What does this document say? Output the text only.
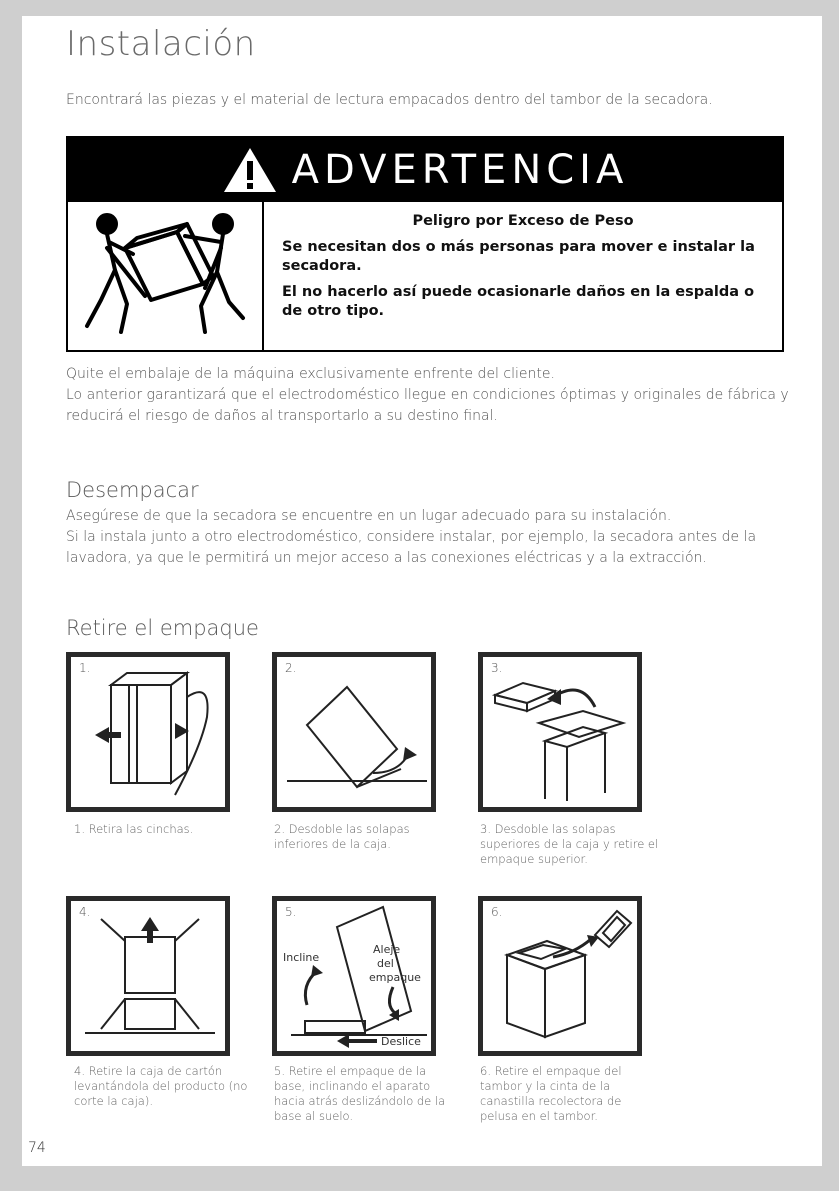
Instalación

Encontrará las piezas y el material de lectura empacados dentro del tambor de la secadora.

ADVERTENCIA

Peligro por Exceso de Peso

Se necesitan dos o más personas para mover e instalar la secadora.

El no hacerlo así puede ocasionarle daños en la espalda o de otro tipo.

Quite el embalaje de la máquina exclusivamente enfrente del cliente.

Lo anterior garantizará que el electrodoméstico llegue en condiciones óptimas y originales de fábrica y reducirá el riesgo de daños al transportarlo a su destino final.

Desempacar

Asegúrese de que la secadora se encuentre en un lugar adecuado para su instalación.

Si la instala junto a otro electrodoméstico, considere instalar, por ejemplo, la secadora antes de la lavadora, ya que le permitirá un mejor acceso a las conexiones eléctricas y a la extracción.

Retire el empaque
1.

1. Retira las cinchas.

2.

2. Desdoble las solapas inferiores de la caja.

3.

3. Desdoble las solapas superiores de la caja y retire el empaque superior.

4.

4. Retire la caja de cartón levantándola del producto (no corte la caja).

5.
Incline
Aleje
del
empaque
Deslice

5. Retire el empaque de la base, inclinando el aparato hacia atrás deslizándolo de la base al suelo.

6.

6. Retire el empaque del tambor y la cinta de la canastilla recolectora de pelusa en el tambor.

74
